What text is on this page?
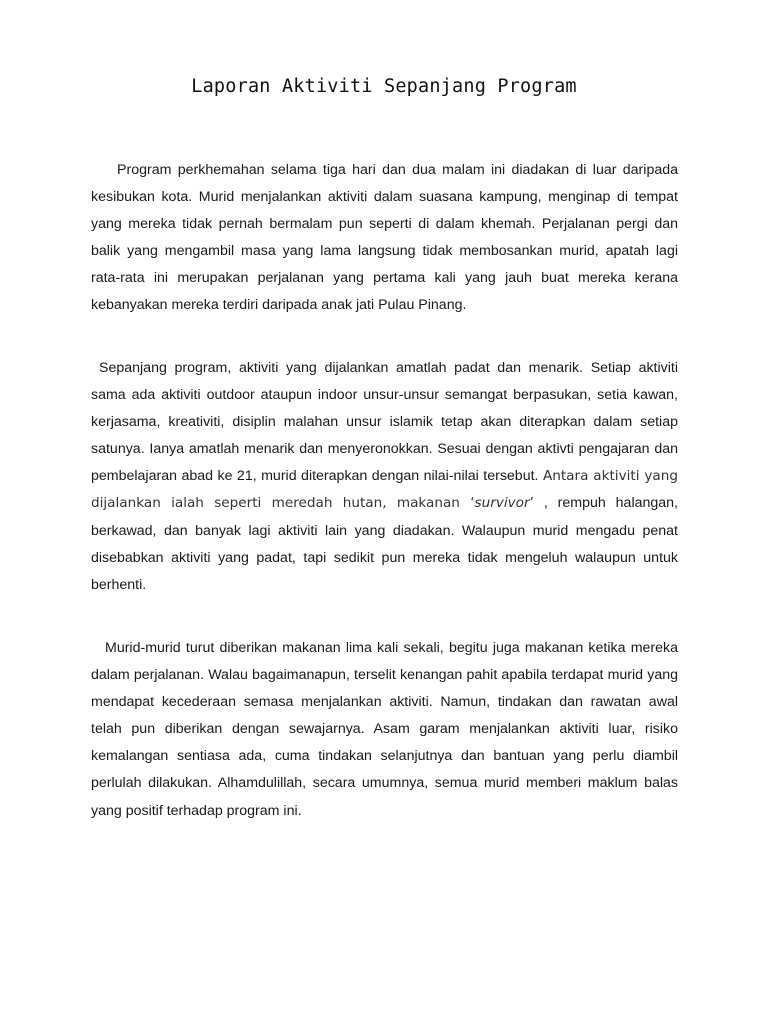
Laporan Aktiviti Sepanjang Program

Program perkhemahan selama tiga hari dan dua malam ini diadakan di luar daripada kesibukan kota. Murid menjalankan aktiviti dalam suasana kampung, menginap di tempat yang mereka tidak pernah bermalam pun seperti di dalam khemah. Perjalanan pergi dan balik yang mengambil masa yang lama langsung tidak membosankan murid, apatah lagi rata-rata ini merupakan perjalanan yang pertama kali yang jauh buat mereka kerana kebanyakan mereka terdiri daripada anak jati Pulau Pinang.

Sepanjang program, aktiviti yang dijalankan amatlah padat dan menarik. Setiap aktiviti sama ada aktiviti outdoor ataupun indoor unsur-unsur semangat berpasukan, setia kawan, kerjasama, kreativiti, disiplin malahan unsur islamik tetap akan diterapkan dalam setiap satunya. Ianya amatlah menarik dan menyeronokkan. Sesuai dengan aktivti pengajaran dan pembelajaran abad ke 21, murid diterapkan dengan nilai-nilai tersebut. Antara aktiviti yang dijalankan ialah seperti meredah hutan, makanan ‘survivor’ , rempuh halangan, berkawad, dan banyak lagi aktiviti lain yang diadakan. Walaupun murid mengadu penat disebabkan aktiviti yang padat, tapi sedikit pun mereka tidak mengeluh walaupun untuk berhenti.

Murid-murid turut diberikan makanan lima kali sekali, begitu juga makanan ketika mereka dalam perjalanan. Walau bagaimanapun, terselit kenangan pahit apabila terdapat murid yang mendapat kecederaan semasa menjalankan aktiviti. Namun, tindakan dan rawatan awal telah pun diberikan dengan sewajarnya. Asam garam menjalankan aktiviti luar, risiko kemalangan sentiasa ada, cuma tindakan selanjutnya dan bantuan yang perlu diambil perlulah dilakukan. Alhamdulillah, secara umumnya, semua murid memberi maklum balas yang positif terhadap program ini.
